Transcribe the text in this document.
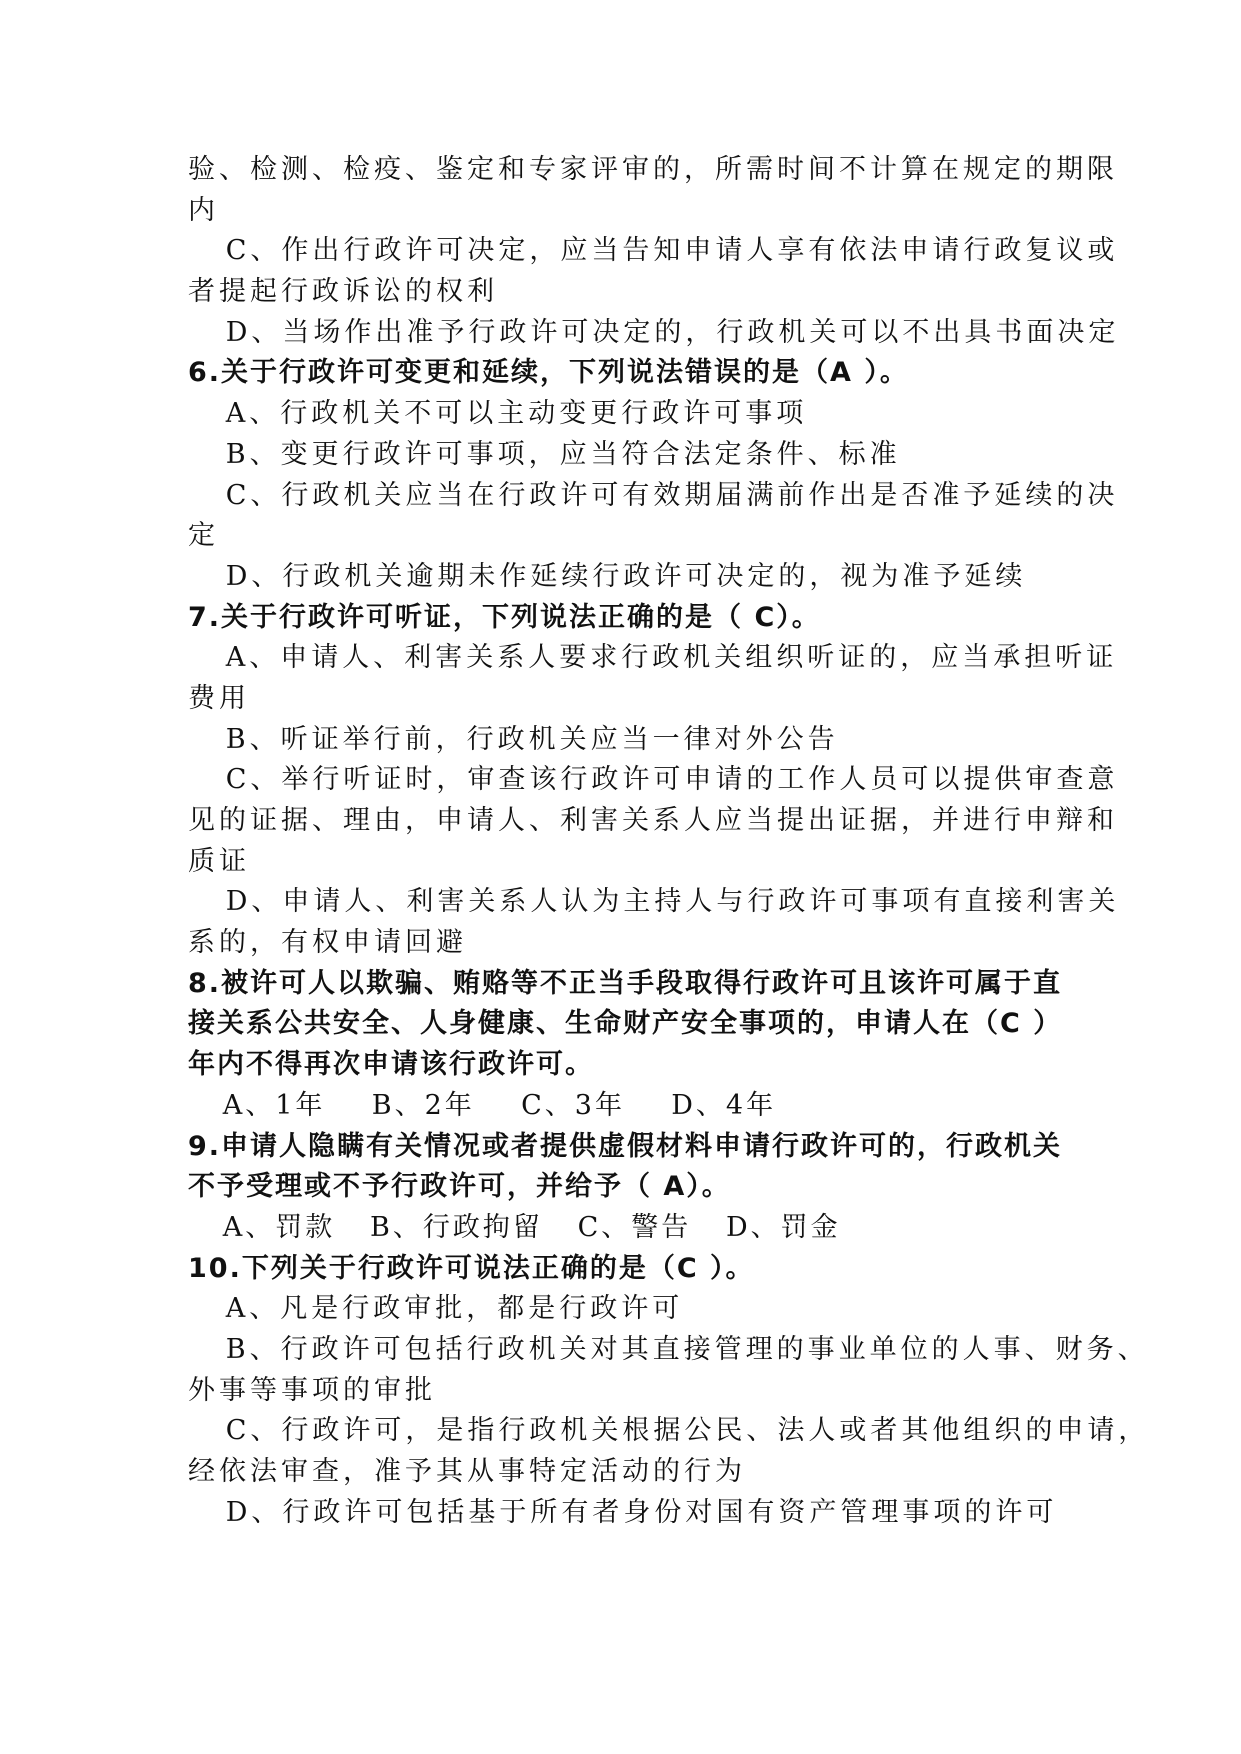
验、检测、检疫、鉴定和专家评审的，所需时间不计算在规定的期限
内
C、作出行政许可决定，应当告知申请人享有依法申请行政复议或
者提起行政诉讼的权利
D、当场作出准予行政许可决定的，行政机关可以不出具书面决定
6.关于行政许可变更和延续，下列说法错误的是（A ）。
A、行政机关不可以主动变更行政许可事项
B、变更行政许可事项，应当符合法定条件、标准
C、行政机关应当在行政许可有效期届满前作出是否准予延续的决
定
D、行政机关逾期未作延续行政许可决定的，视为准予延续
7.关于行政许可听证，下列说法正确的是（ C）。
A、申请人、利害关系人要求行政机关组织听证的，应当承担听证
费用
B、听证举行前，行政机关应当一律对外公告
C、举行听证时，审查该行政许可申请的工作人员可以提供审查意
见的证据、理由，申请人、利害关系人应当提出证据，并进行申辩和
质证
D、申请人、利害关系人认为主持人与行政许可事项有直接利害关
系的，有权申请回避
8.被许可人以欺骗、贿赂等不正当手段取得行政许可且该许可属于直
接关系公共安全、人身健康、生命财产安全事项的，申请人在（C ）
年内不得再次申请该行政许可。
A、1年    B、2年    C、3年    D、4年
9.申请人隐瞒有关情况或者提供虚假材料申请行政许可的，行政机关
不予受理或不予行政许可，并给予（ A）。
A、罚款   B、行政拘留   C、警告   D、罚金
10.下列关于行政许可说法正确的是（C ）。
A、凡是行政审批，都是行政许可
B、行政许可包括行政机关对其直接管理的事业单位的人事、财务、
外事等事项的审批
C、行政许可，是指行政机关根据公民、法人或者其他组织的申请，
经依法审查，准予其从事特定活动的行为
D、行政许可包括基于所有者身份对国有资产管理事项的许可
